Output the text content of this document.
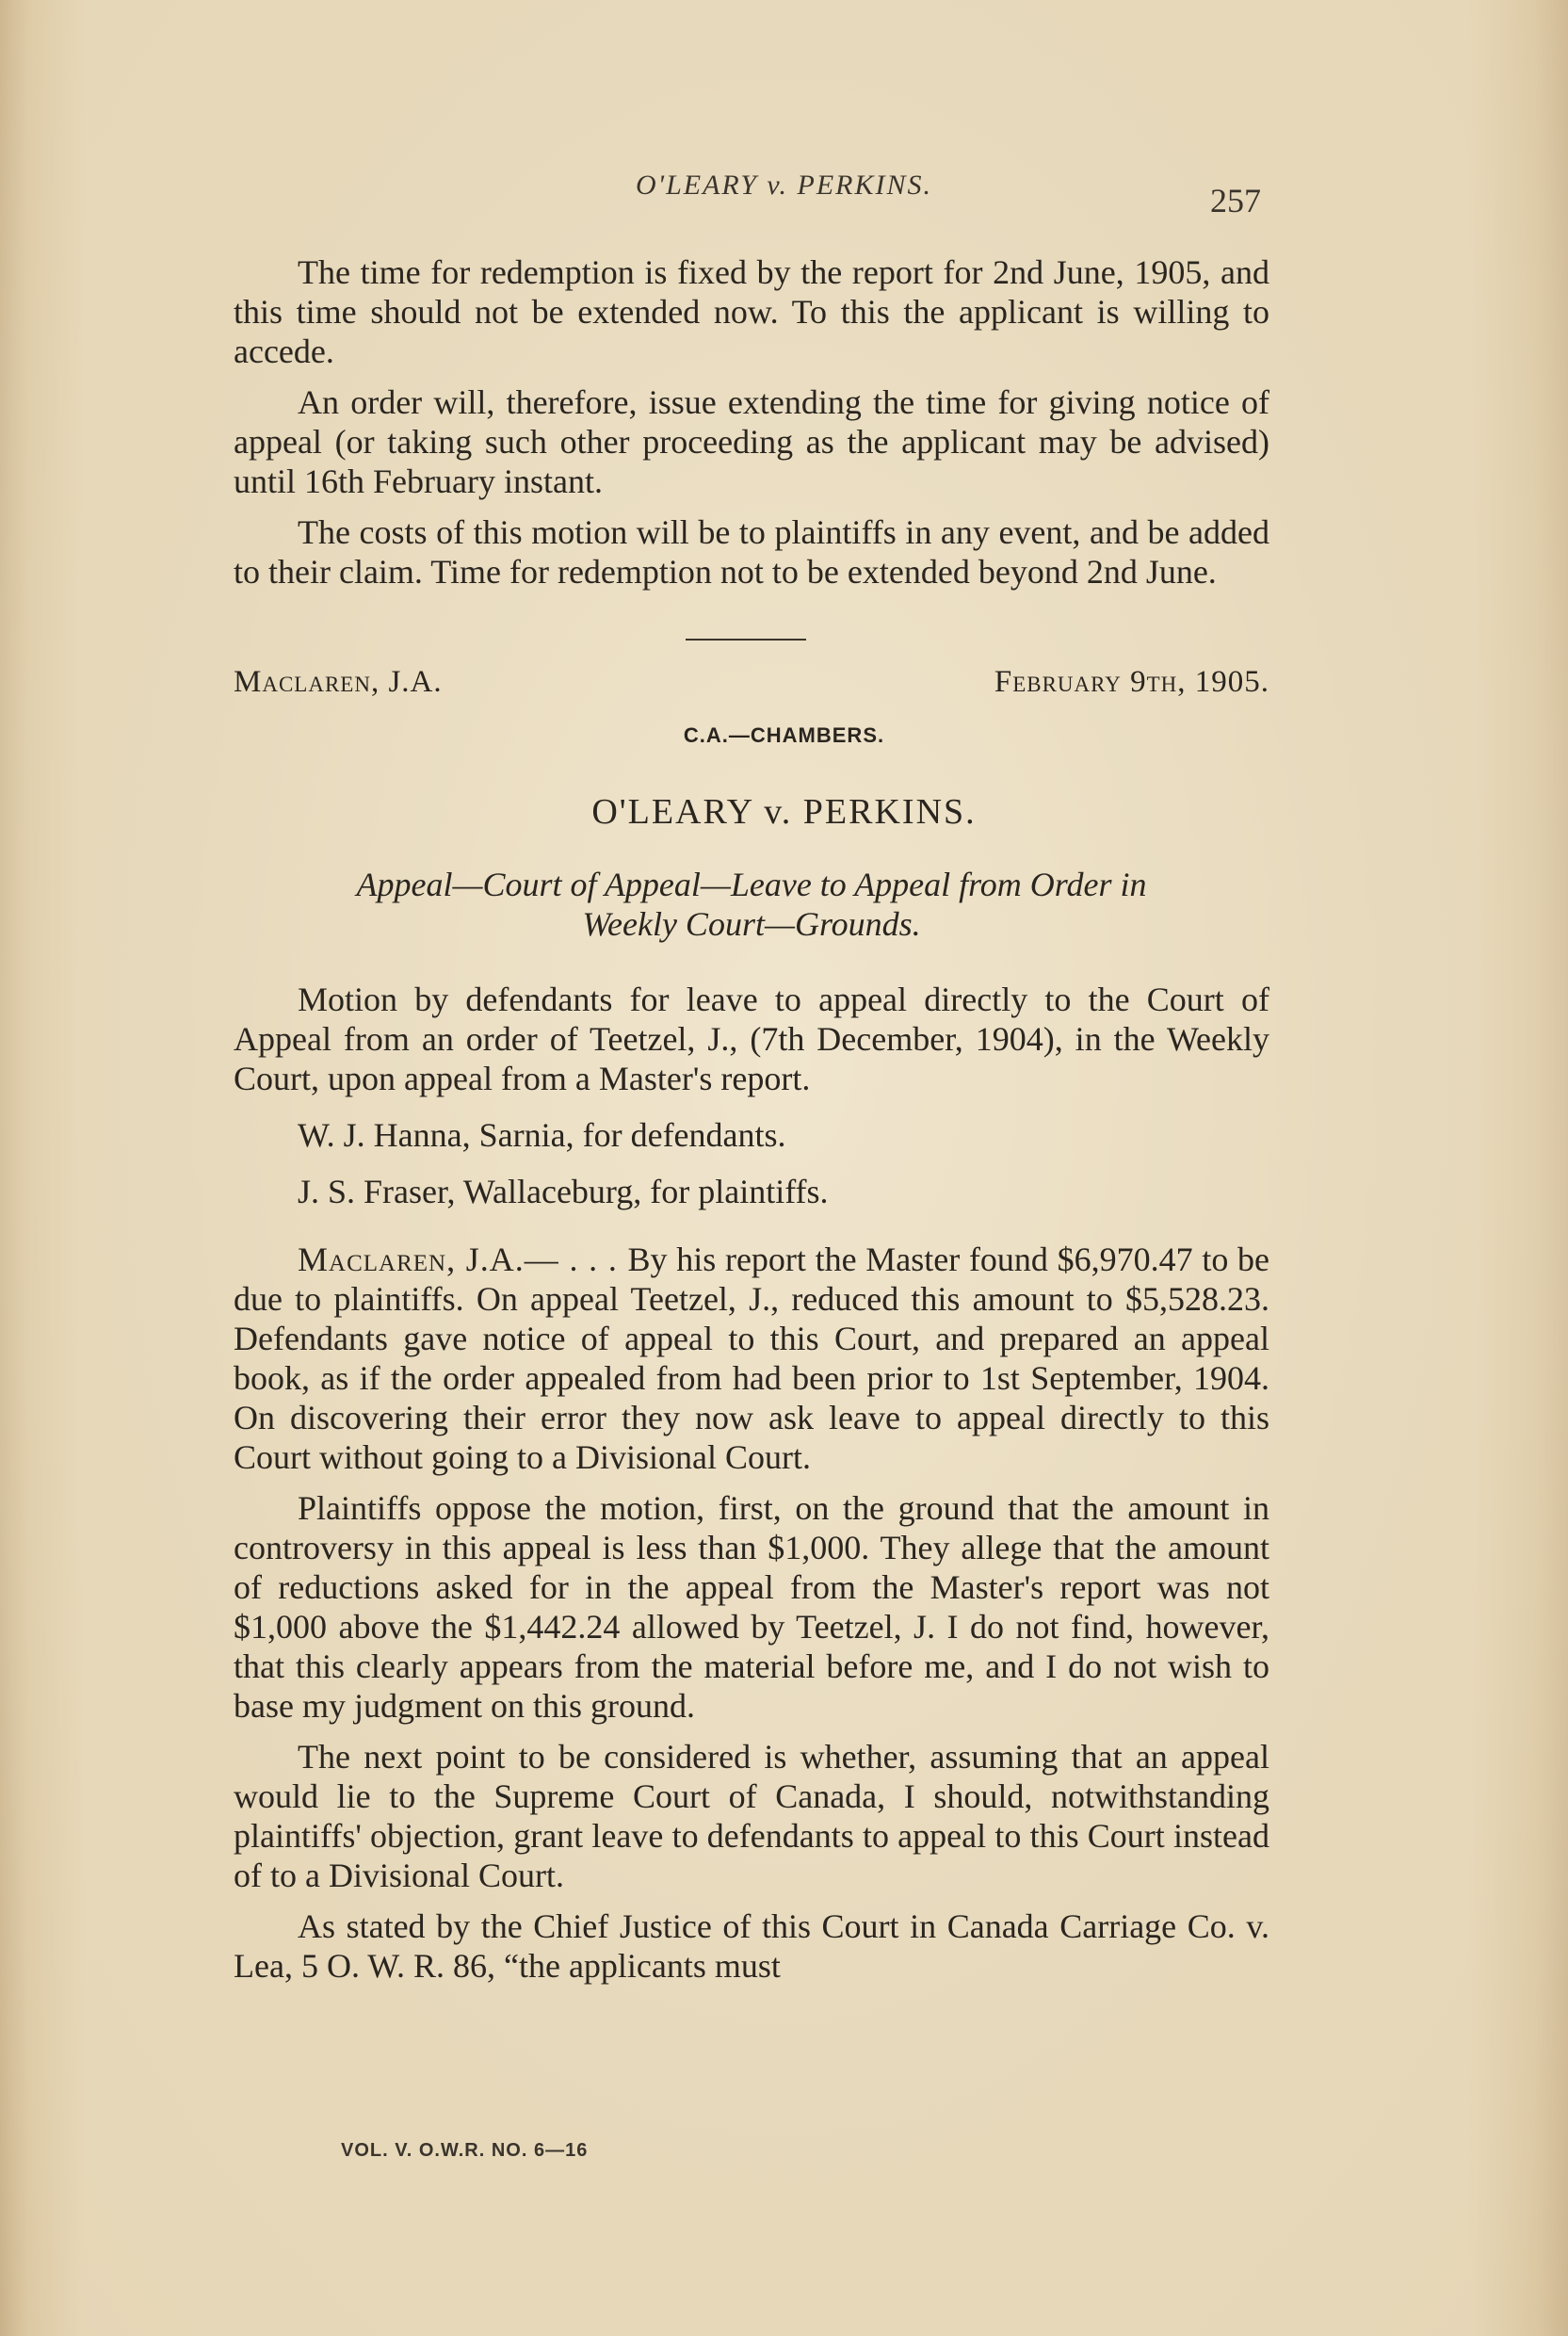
O'LEARY v. PERKINS.	257

The time for redemption is fixed by the report for 2nd June, 1905, and this time should not be extended now. To this the applicant is willing to accede.

An order will, therefore, issue extending the time for giving notice of appeal (or taking such other proceeding as the applicant may be advised) until 16th February instant.

The costs of this motion will be to plaintiffs in any event, and be added to their claim. Time for redemption not to be extended beyond 2nd June.

Maclaren, J.A.	February 9th, 1905.
C.A.—CHAMBERS.
O'LEARY v. PERKINS.
Appeal—Court of Appeal—Leave to Appeal from Order in
Weekly Court—Grounds.

Motion by defendants for leave to appeal directly to the Court of Appeal from an order of Teetzel, J., (7th December, 1904), in the Weekly Court, upon appeal from a Master's report.

W. J. Hanna, Sarnia, for defendants.

J. S. Fraser, Wallaceburg, for plaintiffs.

Maclaren, J.A.— . . . By his report the Master found $6,970.47 to be due to plaintiffs. On appeal Teetzel, J., reduced this amount to $5,528.23. Defendants gave notice of appeal to this Court, and prepared an appeal book, as if the order appealed from had been prior to 1st September, 1904. On discovering their error they now ask leave to appeal directly to this Court without going to a Divisional Court.

Plaintiffs oppose the motion, first, on the ground that the amount in controversy in this appeal is less than $1,000. They allege that the amount of reductions asked for in the appeal from the Master's report was not $1,000 above the $1,442.24 allowed by Teetzel, J. I do not find, however, that this clearly appears from the material before me, and I do not wish to base my judgment on this ground.

The next point to be considered is whether, assuming that an appeal would lie to the Supreme Court of Canada, I should, notwithstanding plaintiffs' objection, grant leave to defendants to appeal to this Court instead of to a Divisional Court.

As stated by the Chief Justice of this Court in Canada Carriage Co. v. Lea, 5 O. W. R. 86, “the applicants must

VOL. V. O.W.R. NO. 6—16
